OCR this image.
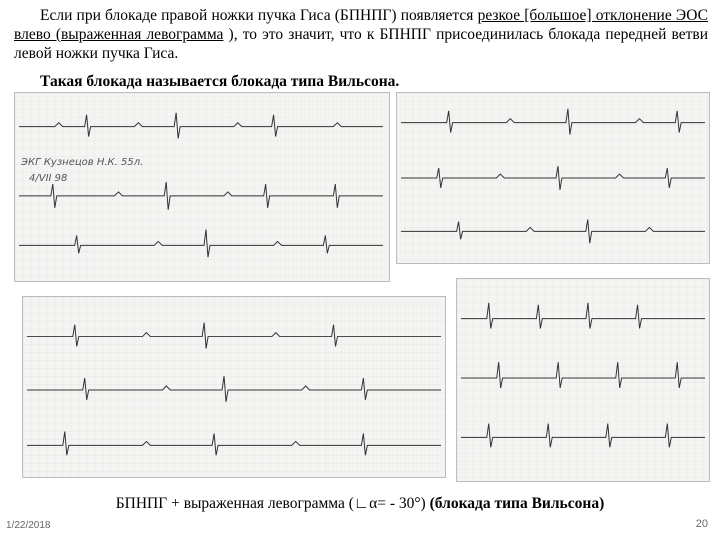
Если при блокаде правой ножки пучка Гиса (БПНПГ) появляется резкое [большое] отклонение ЭОС влево (выраженная левограмма ), то это значит, что к БПНПГ присоединилась блокада передней ветви левой ножки пучка Гиса.

Такая блокада называется блокада типа Вильсона.

ЭКГ Кузнецов Н.К. 55л.
4/VII 98
БПНПГ + выраженная левограмма (∟α= - 30°) (блокада типа Вильсона)
1/22/2018	20
